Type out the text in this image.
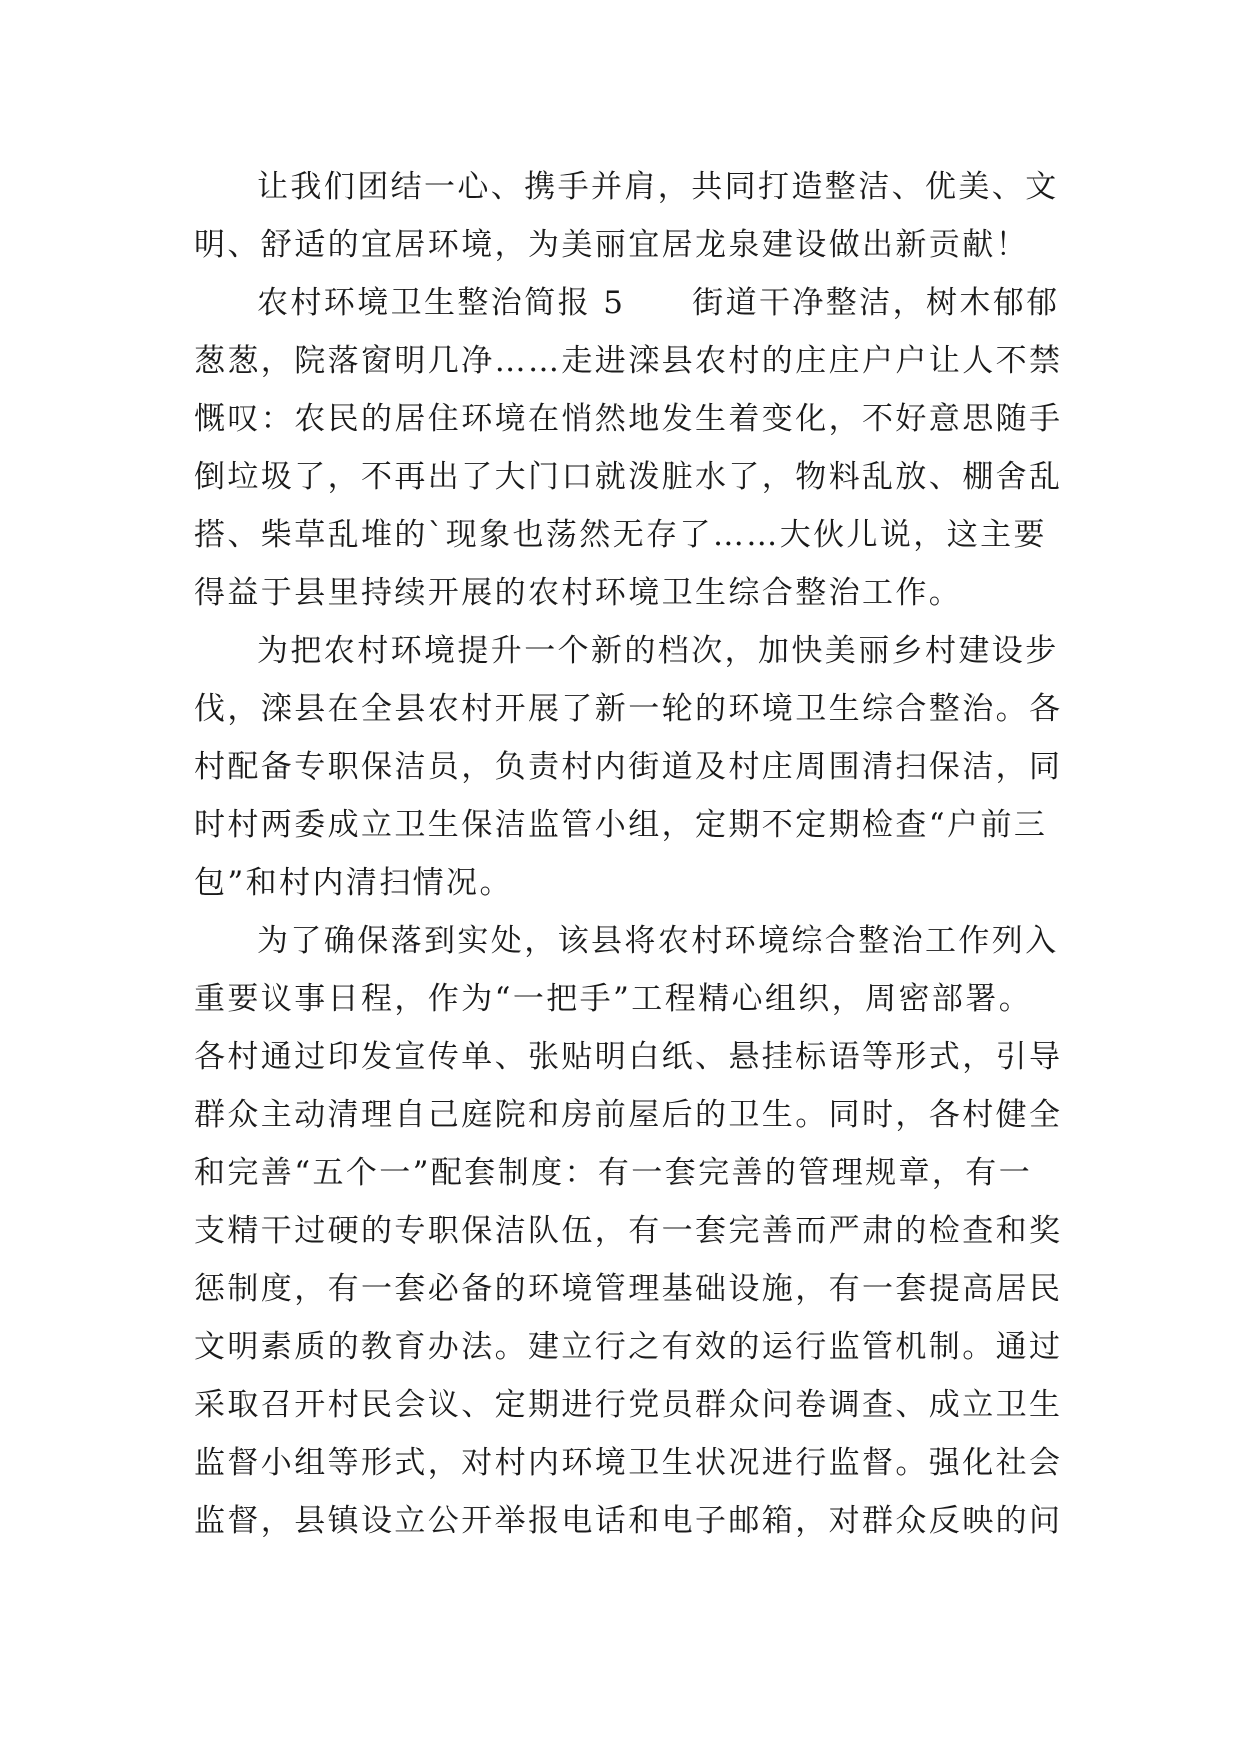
让我们团结一心、携手并肩，共同打造整洁、优美、文
明、舒适的宜居环境，为美丽宜居龙泉建设做出新贡献！
农村环境卫生整治简报 5　　街道干净整洁，树木郁郁
葱葱，院落窗明几净……走进滦县农村的庄庄户户让人不禁
慨叹：农民的居住环境在悄然地发生着变化，不好意思随手
倒垃圾了，不再出了大门口就泼脏水了，物料乱放、棚舍乱
搭、柴草乱堆的`现象也荡然无存了……大伙儿说，这主要
得益于县里持续开展的农村环境卫生综合整治工作。
为把农村环境提升一个新的档次，加快美丽乡村建设步
伐，滦县在全县农村开展了新一轮的环境卫生综合整治。各
村配备专职保洁员，负责村内街道及村庄周围清扫保洁，同
时村两委成立卫生保洁监管小组，定期不定期检查“户前三
包”和村内清扫情况。
为了确保落到实处，该县将农村环境综合整治工作列入
重要议事日程，作为“一把手”工程精心组织，周密部署。
各村通过印发宣传单、张贴明白纸、悬挂标语等形式，引导
群众主动清理自己庭院和房前屋后的卫生。同时，各村健全
和完善“五个一”配套制度：有一套完善的管理规章，有一
支精干过硬的专职保洁队伍，有一套完善而严肃的检查和奖
惩制度，有一套必备的环境管理基础设施，有一套提高居民
文明素质的教育办法。建立行之有效的运行监管机制。通过
采取召开村民会议、定期进行党员群众问卷调查、成立卫生
监督小组等形式，对村内环境卫生状况进行监督。强化社会
监督，县镇设立公开举报电话和电子邮箱，对群众反映的问
